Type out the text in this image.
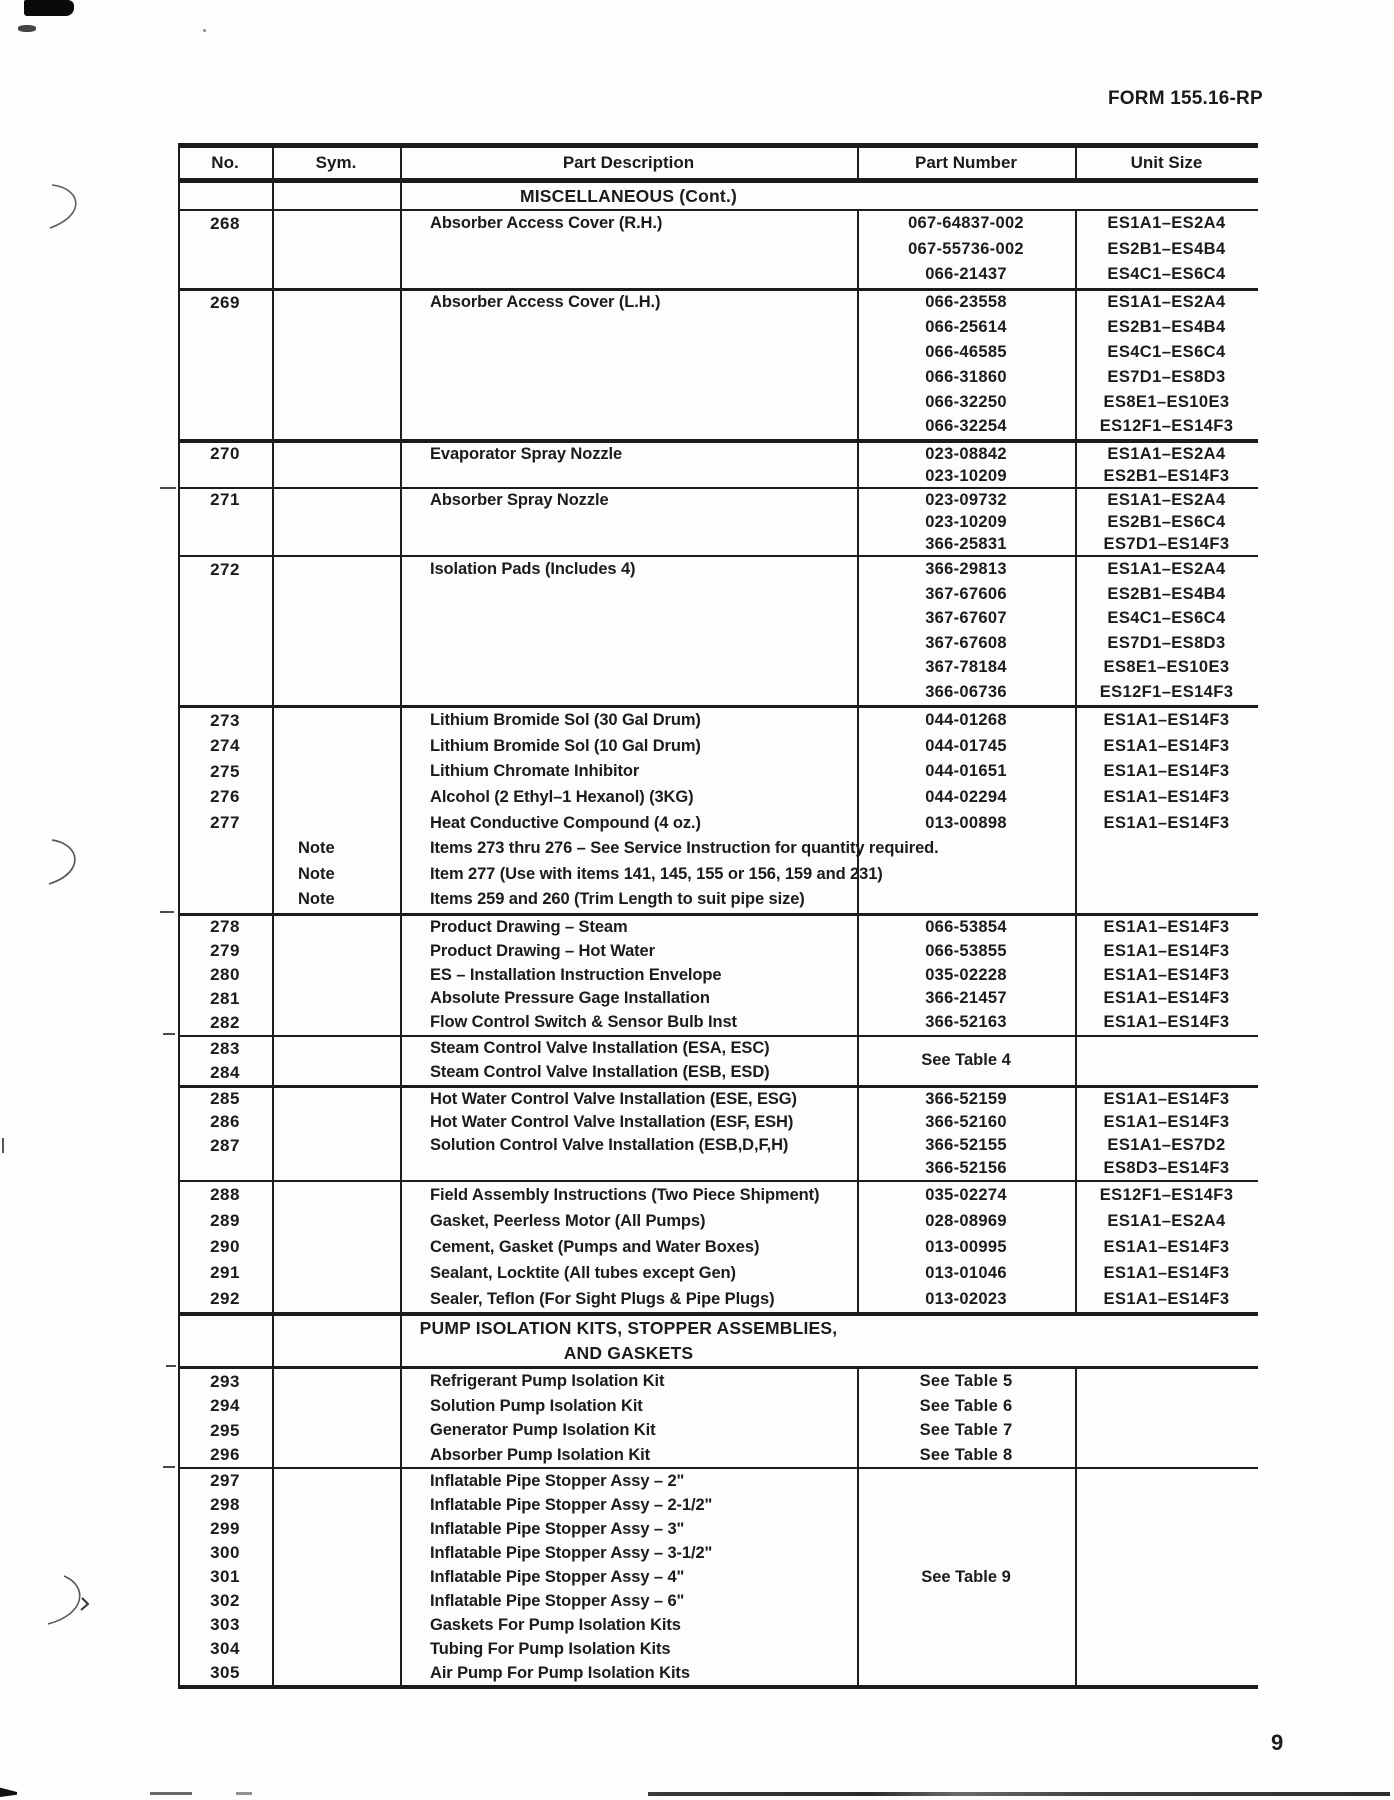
FORM 155.16-RP
No.	Sym.	Part Description	Part Number	Unit Size
MISCELLANEOUS (Cont.)
268	Absorber Access Cover (R.H.)	067-64837-002	ES1A1–ES2A4
067-55736-002	ES2B1–ES4B4
066-21437	ES4C1–ES6C4
269	Absorber Access Cover (L.H.)	066-23558	ES1A1–ES2A4
066-25614	ES2B1–ES4B4
066-46585	ES4C1–ES6C4
066-31860	ES7D1–ES8D3
066-32250	ES8E1–ES10E3
066-32254	ES12F1–ES14F3
270	Evaporator Spray Nozzle	023-08842	ES1A1–ES2A4
023-10209	ES2B1–ES14F3
271	Absorber Spray Nozzle	023-09732	ES1A1–ES2A4
023-10209	ES2B1–ES6C4
366-25831	ES7D1–ES14F3
272	Isolation Pads (Includes 4)	366-29813	ES1A1–ES2A4
367-67606	ES2B1–ES4B4
367-67607	ES4C1–ES6C4
367-67608	ES7D1–ES8D3
367-78184	ES8E1–ES10E3
366-06736	ES12F1–ES14F3
273	Lithium Bromide Sol (30 Gal Drum)	044-01268	ES1A1–ES14F3
274	Lithium Bromide Sol (10 Gal Drum)	044-01745	ES1A1–ES14F3
275	Lithium Chromate Inhibitor	044-01651	ES1A1–ES14F3
276	Alcohol (2 Ethyl–1 Hexanol) (3KG)	044-02294	ES1A1–ES14F3
277	Heat Conductive Compound (4 oz.)	013-00898	ES1A1–ES14F3
Note	Items 273 thru 276 – See Service Instruction for quantity required.
Note	Item 277 (Use with items 141, 145, 155 or 156, 159 and 231)
Note	Items 259 and 260 (Trim Length to suit pipe size)
278	Product Drawing – Steam	066-53854	ES1A1–ES14F3
279	Product Drawing – Hot Water	066-53855	ES1A1–ES14F3
280	ES – Installation Instruction Envelope	035-02228	ES1A1–ES14F3
281	Absolute Pressure Gage Installation	366-21457	ES1A1–ES14F3
282	Flow Control Switch & Sensor Bulb Inst	366-52163	ES1A1–ES14F3
283	Steam Control Valve Installation (ESA, ESC)
284	Steam Control Valve Installation (ESB, ESD)
See Table 4
285	Hot Water Control Valve Installation (ESE, ESG)	366-52159	ES1A1–ES14F3
286	Hot Water Control Valve Installation (ESF, ESH)	366-52160	ES1A1–ES14F3
287	Solution Control Valve Installation (ESB,D,F,H)	366-52155	ES1A1–ES7D2
366-52156	ES8D3–ES14F3
288	Field Assembly Instructions (Two Piece Shipment)	035-02274	ES12F1–ES14F3
289	Gasket, Peerless Motor (All Pumps)	028-08969	ES1A1–ES2A4
290	Cement, Gasket (Pumps and Water Boxes)	013-00995	ES1A1–ES14F3
291	Sealant, Locktite (All tubes except Gen)	013-01046	ES1A1–ES14F3
292	Sealer, Teflon (For Sight Plugs & Pipe Plugs)	013-02023	ES1A1–ES14F3
PUMP ISOLATION KITS, STOPPER ASSEMBLIES,
AND GASKETS
293	Refrigerant Pump Isolation Kit	See Table 5
294	Solution Pump Isolation Kit	See Table 6
295	Generator Pump Isolation Kit	See Table 7
296	Absorber Pump Isolation Kit	See Table 8
297	Inflatable Pipe Stopper Assy – 2"
298	Inflatable Pipe Stopper Assy – 2-1/2"
299	Inflatable Pipe Stopper Assy – 3"
300	Inflatable Pipe Stopper Assy – 3-1/2"
301	Inflatable Pipe Stopper Assy – 4"
302	Inflatable Pipe Stopper Assy – 6"
303	Gaskets For Pump Isolation Kits
304	Tubing For Pump Isolation Kits
305	Air Pump For Pump Isolation Kits
See Table 9
9
